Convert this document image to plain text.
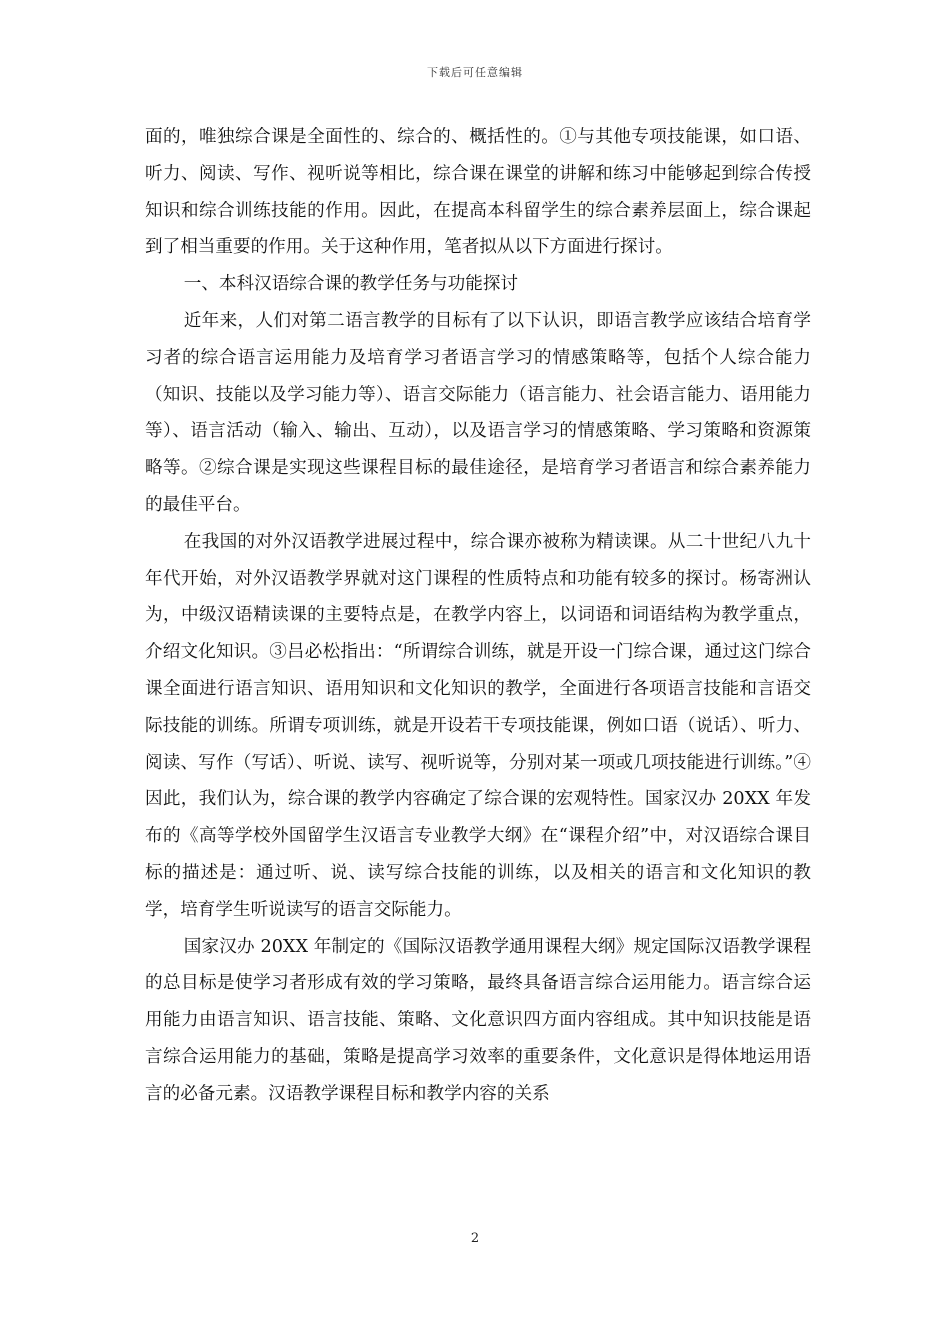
下载后可任意编辑

面的，唯独综合课是全面性的、综合的、概括性的。①与其他专项技能课，如口语、听力、阅读、写作、视听说等相比，综合课在课堂的讲解和练习中能够起到综合传授知识和综合训练技能的作用。因此，在提高本科留学生的综合素养层面上，综合课起到了相当重要的作用。关于这种作用，笔者拟从以下方面进行探讨。

一、本科汉语综合课的教学任务与功能探讨

近年来，人们对第二语言教学的目标有了以下认识，即语言教学应该结合培育学习者的综合语言运用能力及培育学习者语言学习的情感策略等，包括个人综合能力（知识、技能以及学习能力等）、语言交际能力（语言能力、社会语言能力、语用能力等）、语言活动（输入、输出、互动），以及语言学习的情感策略、学习策略和资源策略等。②综合课是实现这些课程目标的最佳途径，是培育学习者语言和综合素养能力的最佳平台。

在我国的对外汉语教学进展过程中，综合课亦被称为精读课。从二十世纪八九十年代开始，对外汉语教学界就对这门课程的性质特点和功能有较多的探讨。杨寄洲认为，中级汉语精读课的主要特点是，在教学内容上，以词语和词语结构为教学重点，介绍文化知识。③吕必松指出：“所谓综合训练，就是开设一门综合课，通过这门综合课全面进行语言知识、语用知识和文化知识的教学，全面进行各项语言技能和言语交际技能的训练。所谓专项训练，就是开设若干专项技能课，例如口语（说话）、听力、阅读、写作（写话）、听说、读写、视听说等，分别对某一项或几项技能进行训练。”④因此，我们认为，综合课的教学内容确定了综合课的宏观特性。国家汉办 20XX 年发布的《高等学校外国留学生汉语言专业教学大纲》在“课程介绍”中，对汉语综合课目标的描述是：通过听、说、读写综合技能的训练，以及相关的语言和文化知识的教学，培育学生听说读写的语言交际能力。

国家汉办 20XX 年制定的《国际汉语教学通用课程大纲》规定国际汉语教学课程的总目标是使学习者形成有效的学习策略，最终具备语言综合运用能力。语言综合运用能力由语言知识、语言技能、策略、文化意识四方面内容组成。其中知识技能是语言综合运用能力的基础，策略是提高学习效率的重要条件，文化意识是得体地运用语言的必备元素。汉语教学课程目标和教学内容的关系

2
